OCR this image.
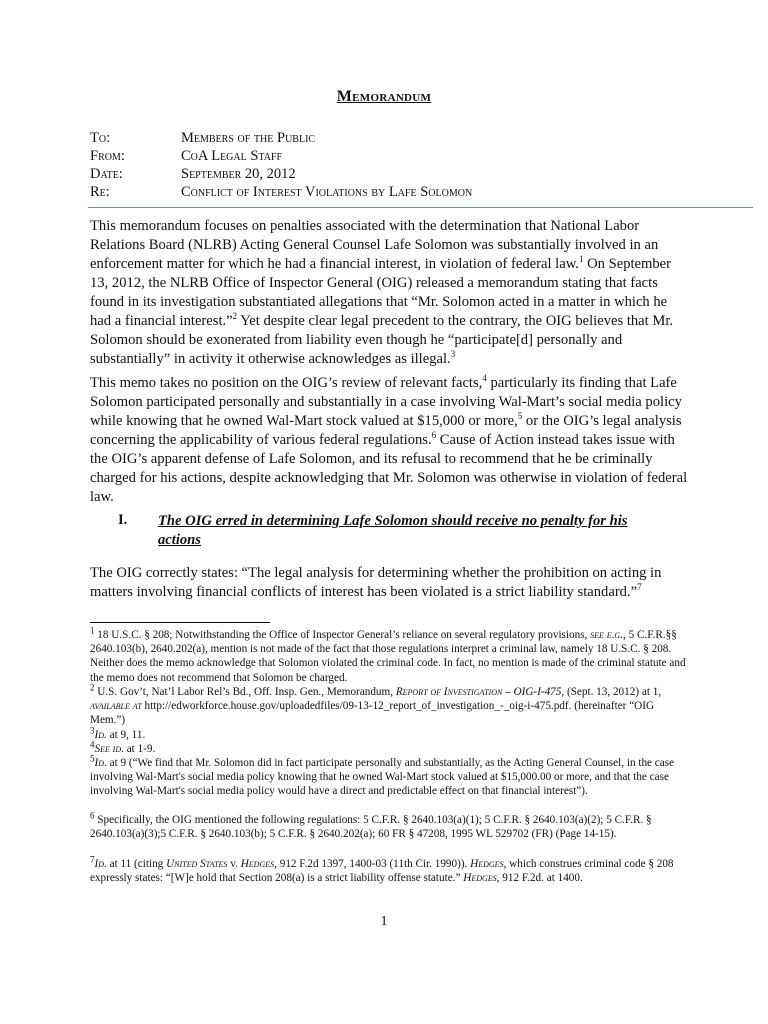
Memorandum
To:	Members of the Public
From:	CoA Legal Staff
Date:	September 20, 2012
Re:	Conflict of Interest Violations by Lafe Solomon

This memorandum focuses on penalties associated with the determination that National Labor Relations Board (NLRB) Acting General Counsel Lafe Solomon was substantially involved in an enforcement matter for which he had a financial interest, in violation of federal law.$^1$ On September 13, 2012, the NLRB Office of Inspector General (OIG) released a memorandum stating that facts found in its investigation substantiated allegations that “Mr. Solomon acted in a matter in which he had a financial interest.”$^2$ Yet despite clear legal precedent to the contrary, the OIG believes that Mr. Solomon should be exonerated from liability even though he “participate[d] personally and substantially” in activity it otherwise acknowledges as illegal.$^3$

This memo takes no position on the OIG’s review of relevant facts,$^4$ particularly its finding that Lafe Solomon participated personally and substantially in a case involving Wal-Mart’s social media policy while knowing that he owned Wal-Mart stock valued at $15,000 or more,$^5$ or the OIG’s legal analysis concerning the applicability of various federal regulations.$^6$ Cause of Action instead takes issue with the OIG’s apparent defense of Lafe Solomon, and its refusal to recommend that he be criminally charged for his actions, despite acknowledging that Mr. Solomon was otherwise in violation of federal law.

I. The OIG erred in determining Lafe Solomon should receive no penalty for his actions

The OIG correctly states: “The legal analysis for determining whether the prohibition on acting in matters involving financial conflicts of interest has been violated is a strict liability standard.”$^7$

$^1$ 18 U.S.C. § 208; Notwithstanding the Office of Inspector General’s reliance on several regulatory provisions, see e.g., 5 C.F.R.§§ 2640.103(b), 2640.202(a), mention is not made of the fact that those regulations interpret a criminal law, namely 18 U.S.C. § 208. Neither does the memo acknowledge that Solomon violated the criminal code. In fact, no mention is made of the criminal statute and the memo does not recommend that Solomon be charged.

$^2$ U.S. Gov’t, Nat’l Labor Rel’s Bd., Off. Insp. Gen., Memorandum, Report of Investigation – OIG-I-475, (Sept. 13, 2012) at 1, available at http://edworkforce.house.gov/uploadedfiles/09-13-12_report_of_investigation_-_oig-i-475.pdf. (hereinafter “OIG Mem.”)

$^3$Id. at 9, 11.

$^4$See id. at 1-9.

$^5$Id. at 9 (“We find that Mr. Solomon did in fact participate personally and substantially, as the Acting General Counsel, in the case involving Wal-Mart's social media policy knowing that he owned Wal-Mart stock valued at $15,000.00 or more, and that the case involving Wal-Mart's social media policy would have a direct and predictable effect on that financial interest”).

$^6$ Specifically, the OIG mentioned the following regulations: 5 C.F.R. § 2640.103(a)(1); 5 C.F.R. § 2640.103(a)(2); 5 C.F.R. § 2640.103(a)(3);5 C.F.R. § 2640.103(b); 5 C.F.R. § 2640.202(a); 60 FR § 47208, 1995 WL 529702 (FR) (Page 14-15).

$^7$Id. at 11 (citing United States v. Hedges, 912 F.2d 1397, 1400-03 (11th Cir. 1990)). Hedges, which construes criminal code § 208 expressly states: “[W]e hold that Section 208(a) is a strict liability offense statute.” Hedges, 912 F.2d. at 1400.

1
